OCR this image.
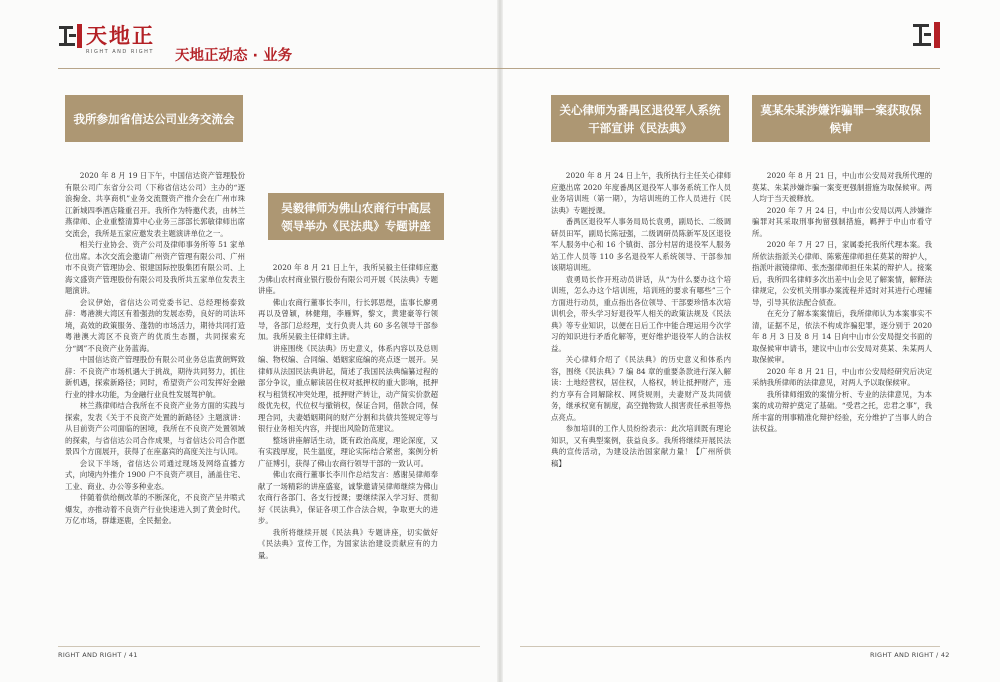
天地正
RIGHT AND RIGHT 天地正动态 · 业务
我所参加省信达公司业务交流会

2020 年 8 月 19 日下午，中国信达资产管理股份有限公司广东省分公司（下称省信达公司）主办的“逐浪掬金、共享商机”业务交流暨资产推介会在广州市珠江新城四季酒店隆重召开。我所作为特邀代表，由林兰燕律师、企业重整清算中心业务三部部长郭敏律师出席交流会，我所是五家应邀发表主题演讲单位之一。

相关行业协会、资产公司及律师事务所等 51 家单位出席。本次交流会邀请广州资产管理有限公司、广州市不良资产管理协会、银建国际控股集团有限公司、上海文盛资产管理股份有限公司及我所共五家单位发表主题演讲。

会议伊始，省信达公司党委书记、总经理杨泰致辞：粤港澳大湾区有着强劲的发展态势，良好的司法环境，高效的政策服务、蓬勃的市场活力，期待共同打造粤港澳大湾区不良资产的优质生态圈，共同探索充分“阔”不良资产业务蓝海。

中国信达资产管理股份有限公司业务总监黄朗辉致辞：不良资产市场机遇大于挑战，期待共同努力，抓住新机遇，探索新路径；同时，希望资产公司发挥好金融行业的排水功能，为金融行业良性发展驾护航。

林兰燕律师结合我所在不良资产业务方面的实践与探索，发表《关于不良资产处置的新路径》主题演讲：从目前资产公司面临的困境，我所在不良资产处置领域的探索，与省信达公司合作成果，与省信达公司合作愿景四个方面展开，获得了在座嘉宾的高度关注与认同。

会议下半场，省信达公司通过现场及网络直播方式，向境内外推介 1900 户不良资产项目，涵盖住宅、工业、商业、办公等多种业态。

伴随着供给侧改革的不断深化，不良资产呈井喷式爆发，亦推动着不良资产行业快速进入到了黄金时代。万亿市场，群雄逐鹿，全民掘金。

吴毅律师为佛山农商行中高层领导举办《民法典》专题讲座

2020 年 8 月 21 日上午，我所吴毅主任律师应邀为佛山农村商业银行股份有限公司开展《民法典》专题讲座。

佛山农商行董事长李川，行长郭思煜，监事长廖勇再以及曾颖，林健翔，李雁辉，黎文，黄建豪等行领导，各部门总经理，支行负责人共 60 多名领导干部参加。我所吴毅主任律师主讲。

讲座围绕《民法典》历史意义，体系内容以及总则编、物权编、合同编、婚姻家庭编的亮点逐一展开。吴律师从法国民法典讲起，简述了我国民法典编纂过程的部分争议，重点解读居住权对抵押权的重大影响，抵押权与租赁权冲突处理，抵押财产转让，动产简实价款超级优先权，代位权与撤销权，保证合同，借款合同，保理合同，夫妻婚姻期间的财产分割和共债共签规定等与银行业务相关内容，并提出风险防范建议。

整场讲座解话生动，既有政治高度，理论深度，又有实践厚度，民生温度，理论实际结合紧密，案例分析广征博引，获得了佛山农商行领导干部的一致认可。

佛山农商行董事长李川作总结发言：感谢吴律师奉献了一场精彩的讲座盛宴，诚挚邀请吴律师继续为佛山农商行各部门、各支行授课；要继续深入学习好、贯彻好《民法典》，保证各项工作合法合规，争取更大的进步。

我所将继续开展《民法典》专题讲座，切实做好《民法典》宣传工作，为国家法治建设贡献应有的力量。

关心律师为番禺区退役军人系统干部宣讲《民法典》

2020 年 8 月 24 日上午，我所执行主任关心律师应邀出席 2020 年度番禺区退役军人事务系统工作人员业务培训班（第一期），为培训班的工作人员进行《民法典》专题授课。

番禺区退役军人事务局局长袁勇，副局长、二级调研员田军，副局长陈冠强，二级调研员陈新军及区退役军人服务中心和 16 个镇街、部分村居的退役军人服务站工作人员等 110 多名退役军人系统领导、干部参加该期培训班。

袁勇局长作开班动员讲话，从“为什么要办这个培训班，怎么办这个培训班，培训班的要求有哪些”三个方面进行动员，重点指出各位领导、干部要珍惜本次培训机会，带头学习好退役军人相关的政策法规及《民法典》等专业知识，以便在日后工作中能合理运用今次学习的知识进行矛盾化解等，更好维护退役军人的合法权益。

关心律师介绍了《民法典》的历史意义和体系内容，围绕《民法典》7 编 84 章的重要条款进行深入解读：土地经营权，居住权，人格权，转让抵押财产，违约方享有合同解除权、网贷规则，夫妻财产及共同债务，继承权宽有制度，高空抛物致人损害责任承担等热点亮点。

参加培训的工作人员纷纷表示：此次培训既有理论知识，又有典型案例，获益良多。我所将继续开展民法典的宣传活动，为建设法治国家献力量！【广州所供稿】

莫某朱某涉嫌诈骗罪一案获取保候审

2020 年 8 月 21 日，中山市公安局对我所代理的莫某、朱某涉嫌诈骗一案变更强制措施为取保候审。两人均于当天被释放。

2020 年 7 月 24 日，中山市公安局以两人涉嫌诈骗罪对其采取刑事拘留强制措施，羁押于中山市看守所。

2020 年 7 月 27 日，家属委托我所代理本案。我所依法指派关心律师、陈紫莲律师担任莫某的辩护人，指派叶淑镜律师、张杰强律师担任朱某的辩护人。接案后，我所四名律师多次出差中山会见了解案情，解释法律规定，公安机关刑事办案流程并适时对其进行心理辅导，引导其依法配合侦查。

在充分了解本案案情后，我所律师认为本案事实不清，证据不足，依法不构成诈骗犯罪，逐分别于 2020 年 8 月 3 日及 8 月 14 日向中山市公安局提交书面的取保候审申请书，建议中山市公安局对莫某、朱某两人取保候审。

2020 年 8 月 21 日，中山市公安局经研究后决定采纳我所律师的法律意见，对两人予以取保候审。

我所律师细致的案情分析、专业的法律意见，为本案的成功辩护奠定了基础。“受君之托，忠君之事”，我所丰富的刑事精准化辩护经验，充分维护了当事人的合法权益。

RIGHT AND RIGHT / 41	RIGHT AND RIGHT / 42
